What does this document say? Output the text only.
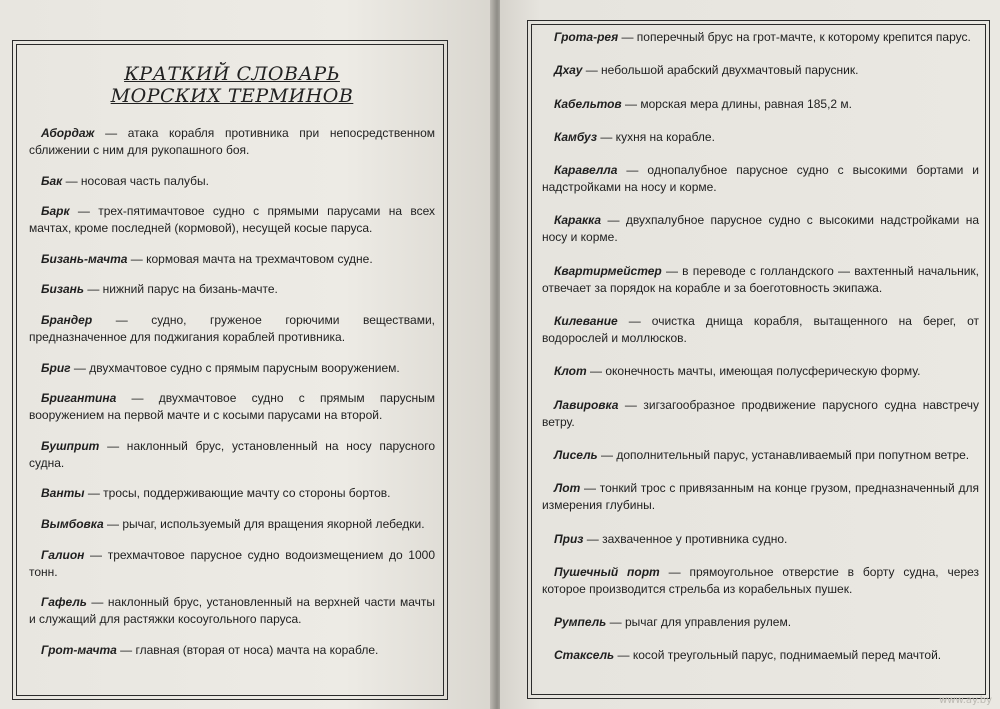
КРАТКИЙ СЛОВАРЬ
МОРСКИХ ТЕРМИНОВ
Абордаж — атака корабля противника при непосредственном сближении с ним для рукопашного боя.
Бак — носовая часть палубы.
Барк — трех-пятимачтовое судно с прямыми парусами на всех мачтах, кроме последней (кормовой), несущей косые паруса.
Бизань-мачта — кормовая мачта на трехмачтовом судне.
Бизань — нижний парус на бизань-мачте.
Брандер — судно, груженое горючими веществами, предназначенное для поджигания кораблей противника.
Бриг — двухмачтовое судно с прямым парусным вооружением.
Бригантина — двухмачтовое судно с прямым парусным вооружением на первой мачте и с косыми парусами на второй.
Бушприт — наклонный брус, установленный на носу парусного судна.
Ванты — тросы, поддерживающие мачту со стороны бортов.
Вымбовка — рычаг, используемый для вращения якорной лебедки.
Галион — трехмачтовое парусное судно водоизмещением до 1000 тонн.
Гафель — наклонный брус, установленный на верхней части мачты и служащий для растяжки косоугольного паруса.
Грот-мачта — главная (вторая от носа) мачта на корабле.
Грота-рея — поперечный брус на грот-мачте, к которому крепится парус.
Дхау — небольшой арабский двухмачтовый парусник.
Кабельтов — морская мера длины, равная 185,2 м.
Камбуз — кухня на корабле.
Каравелла — однопалубное парусное судно с высокими бортами и надстройками на носу и корме.
Каракка — двухпалубное парусное судно с высокими надстройками на носу и корме.
Квартирмейстер — в переводе с голландского — вахтенный начальник, отвечает за порядок на корабле и за боеготовность экипажа.
Килевание — очистка днища корабля, вытащенного на берег, от водорослей и моллюсков.
Клот — оконечность мачты, имеющая полусферическую форму.
Лавировка — зигзагообразное продвижение парусного судна навстречу ветру.
Лисель — дополнительный парус, устанавливаемый при попутном ветре.
Лот — тонкий трос с привязанным на конце грузом, предназначенный для измерения глубины.
Приз — захваченное у противника судно.
Пушечный порт — прямоугольное отверстие в борту судна, через которое производится стрельба из корабельных пушек.
Румпель — рычаг для управления рулем.
Стаксель — косой треугольный парус, поднимаемый перед мачтой.
www.ay.by
